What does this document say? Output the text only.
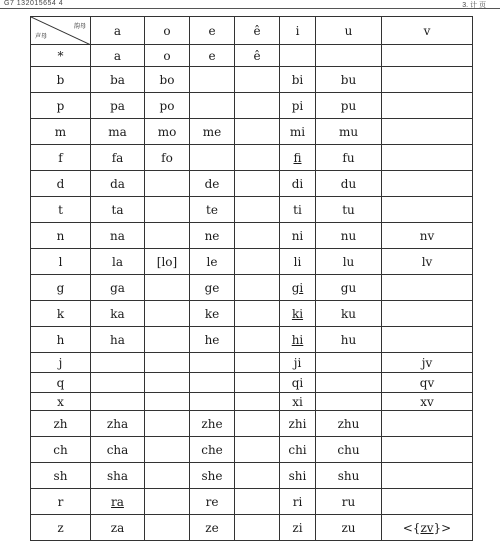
G7 132015654 4	3. 计 页
韵母
声母	a	o	e	ê	i	u	v
*	a	o	e	ê			
b	ba	bo			bi	bu	
p	pa	po			pi	pu	
m	ma	mo	me		mi	mu	
f	fa	fo			fi	fu	
d	da		de		di	du	
t	ta		te		ti	tu	
n	na		ne		ni	nu	nv
l	la	[lo]	le		li	lu	lv
g	ga		ge		gi	gu	
k	ka		ke		ki	ku	
h	ha		he		hi	hu	
j					ji		jv
q					qi		qv
x					xi		xv
zh	zha		zhe		zhi	zhu	
ch	cha		che		chi	chu	
sh	sha		she		shi	shu	
r	ra		re		ri	ru	
z	za		ze		zi	zu	<{zv}>
